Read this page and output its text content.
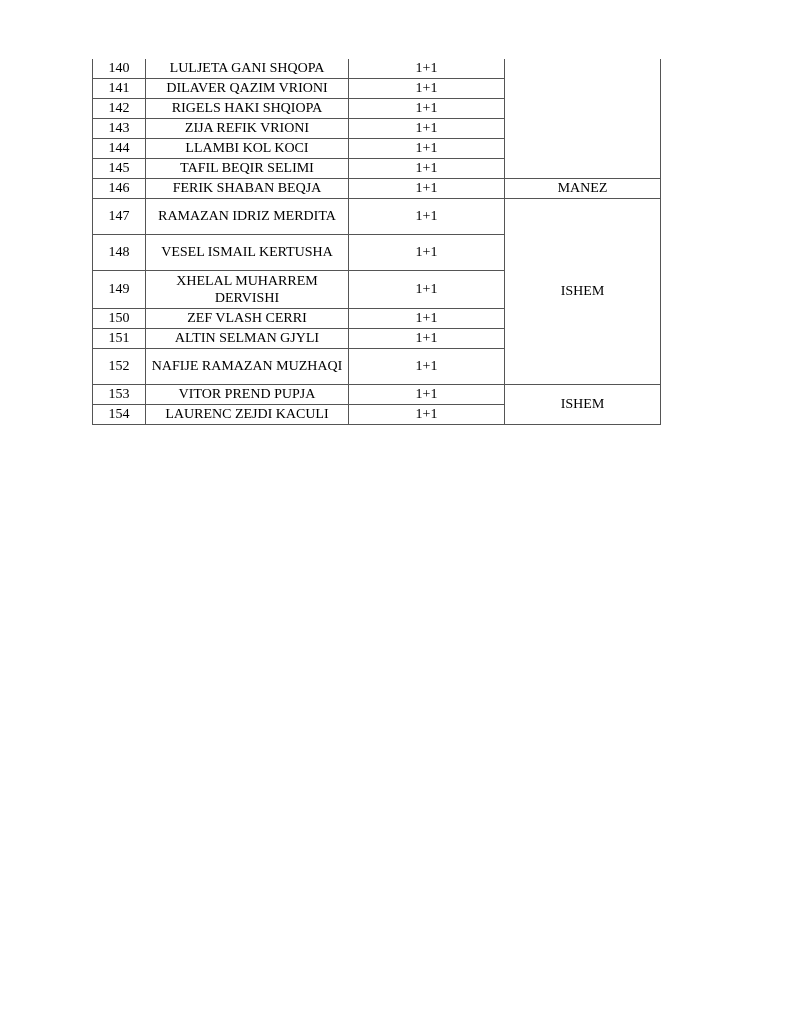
140	LULJETA GANI SHQOPA	1+1	
141	DILAVER QAZIM VRIONI	1+1	
142	RIGELS HAKI SHQIOPA	1+1	
143	ZIJA REFIK VRIONI	1+1	
144	LLAMBI KOL KOCI	1+1	
145	TAFIL BEQIR SELIMI	1+1	
146	FERIK SHABAN BEQJA	1+1	MANEZ
147	RAMAZAN IDRIZ MERDITA	1+1	ISHEM
148	VESEL ISMAIL KERTUSHA	1+1	
149	XHELAL MUHARREM DERVISHI	1+1	
150	ZEF VLASH CERRI	1+1	
151	ALTIN SELMAN GJYLI	1+1	
152	NAFIJE RAMAZAN MUZHAQI	1+1	
153	VITOR PREND PUPJA	1+1	ISHEM
154	LAURENC ZEJDI KACULI	1+1	
